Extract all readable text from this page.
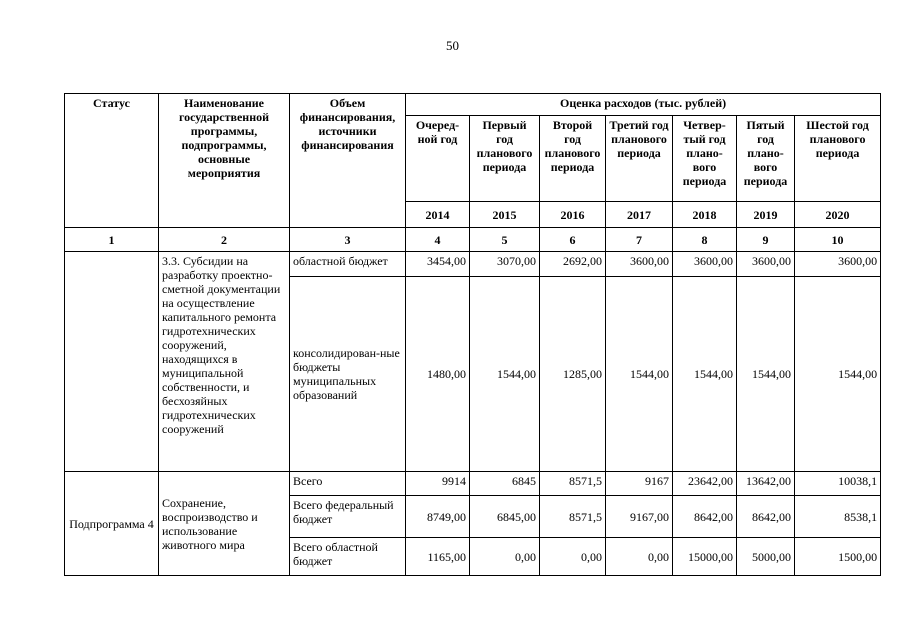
50
Статус	Наименование государственной программы, подпрограммы, основные мероприятия	Объем финансирования, источники финансирования	Оценка расходов (тыс. рублей)						
			Очеред-ной год	Первый год планового периода	Второй год планового периода	Третий год планового периода	Четвер-тый год плано-вого периода	Пятый год плано-вого периода	Шестой год планового периода
			2014	2015	2016	2017	2018	2019	2020
1	2	3	4	5	6	7	8	9	10
	3.3. Субсидии на разработку проектно-сметной документации на осуществление капитального ремонта гидротехнических сооружений, находящихся в муниципальной собственности, и бесхозяйных гидротехнических сооружений	областной бюджет	3454,00	3070,00	2692,00	3600,00	3600,00	3600,00	3600,00
		консолидирован-ные бюджеты муниципальных образований	1480,00	1544,00	1285,00	1544,00	1544,00	1544,00	1544,00
Подпрограмма 4	Сохранение, воспроизводство и использование животного мира	Всего	9914	6845	8571,5	9167	23642,00	13642,00	10038,1
		Всего федеральный бюджет	8749,00	6845,00	8571,5	9167,00	8642,00	8642,00	8538,1
		Всего областной бюджет	1165,00	0,00	0,00	0,00	15000,00	5000,00	1500,00
